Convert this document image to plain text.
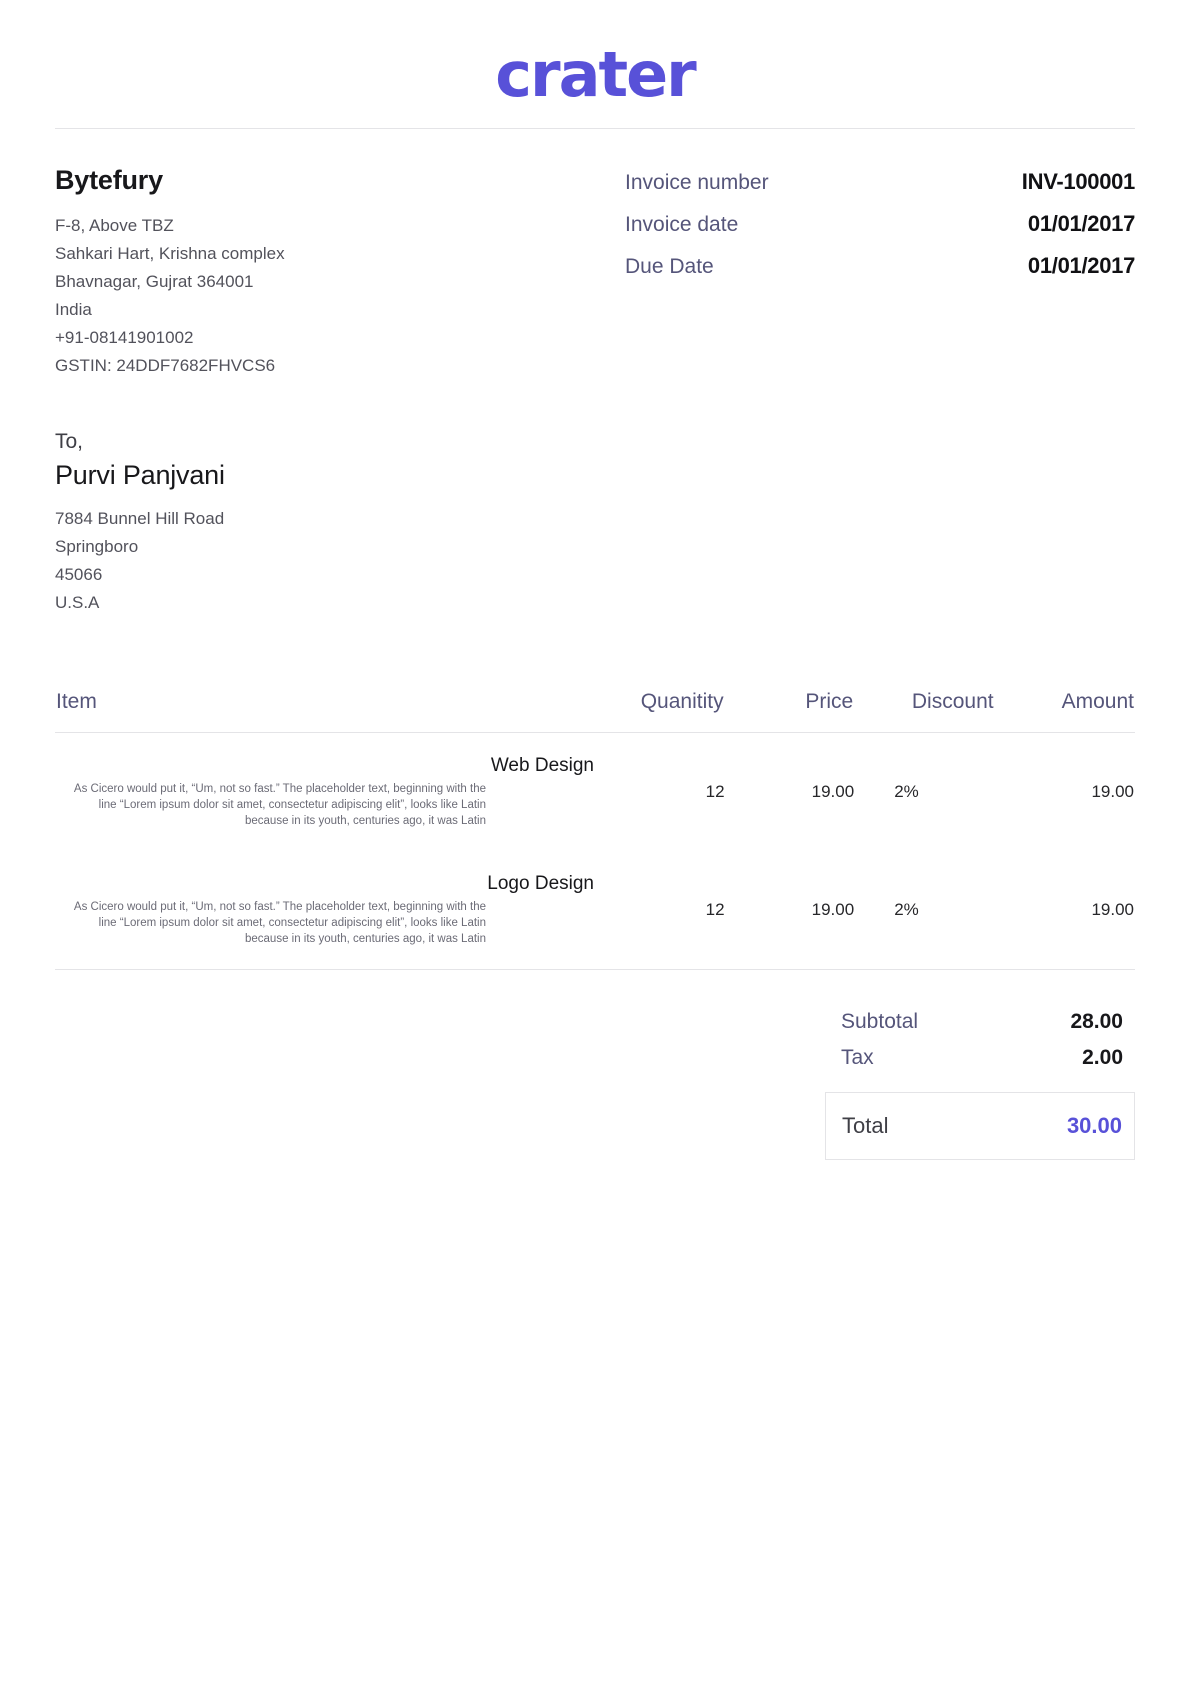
crater
Bytefury
F-8, Above TBZ
Sahkari Hart, Krishna complex
Bhavnagar, Gujrat 364001
India
+91-08141901002
GSTIN: 24DDF7682FHVCS6
Invoice number	INV-100001
Invoice date	01/01/2017
Due Date	01/01/2017
To,
Purvi Panjvani
7884 Bunnel Hill Road
Springboro
45066
U.S.A
Item	Quanitity	Price	Discount	Amount

Web Design
As Cicero would put it, “Um, not so fast.” The placeholder text, beginning with the line “Lorem ipsum dolor sit amet, consectetur adipiscing elit”, looks like Latin because in its youth, centuries ago, it was Latin	12	19.00	2%	19.00

Logo Design
As Cicero would put it, “Um, not so fast.” The placeholder text, beginning with the line “Lorem ipsum dolor sit amet, consectetur adipiscing elit”, looks like Latin because in its youth, centuries ago, it was Latin	12	19.00	2%	19.00
Subtotal	28.00
Tax	2.00
Total	30.00
